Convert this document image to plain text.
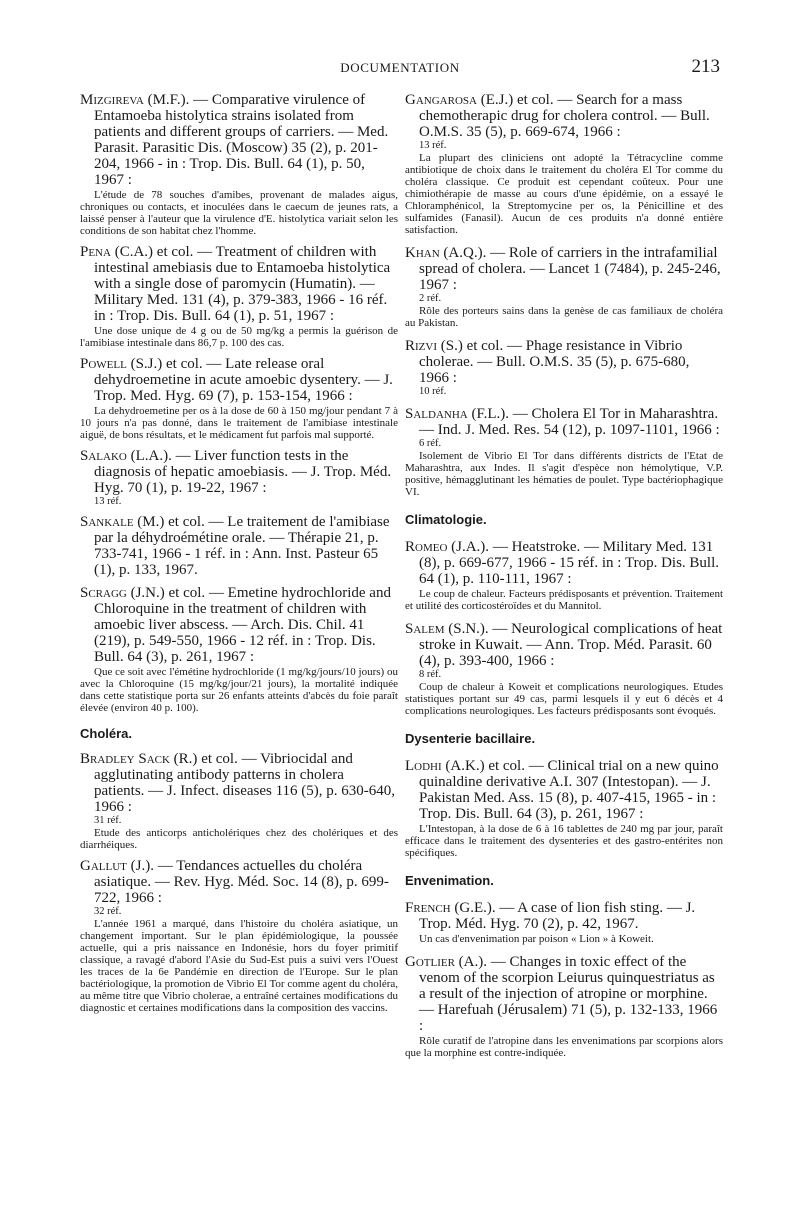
DOCUMENTATION	213

Mizgireva (M.F.). — Comparative virulence of Entamoeba histolytica strains isolated from patients and different groups of carriers. — Med. Parasit. Parasitic Dis. (Moscow) 35 (2), p. 201-204, 1966 - in : Trop. Dis. Bull. 64 (1), p. 50, 1967 :

L'étude de 78 souches d'amibes, provenant de malades aigus, chroniques ou contacts, et inoculées dans le caecum de jeunes rats, a laissé penser à l'auteur que la virulence d'E. histolytica variait selon les conditions de son habitat chez l'homme.

Pena (C.A.) et col. — Treatment of children with intestinal amebiasis due to Entamoeba histolytica with a single dose of paromycin (Humatin). — Military Med. 131 (4), p. 379-383, 1966 - 16 réf. in : Trop. Dis. Bull. 64 (1), p. 51, 1967 :

Une dose unique de 4 g ou de 50 mg/kg a permis la guérison de l'amibiase intestinale dans 86,7 p. 100 des cas.

Powell (S.J.) et col. — Late release oral dehydroemetine in acute amoebic dysentery. — J. Trop. Med. Hyg. 69 (7), p. 153-154, 1966 :

La dehydroemetine per os à la dose de 60 à 150 mg/jour pendant 7 à 10 jours n'a pas donné, dans le traitement de l'amibiase intestinale aiguë, de bons résultats, et le médicament fut parfois mal supporté.

Salako (L.A.). — Liver function tests in the diagnosis of hepatic amoebiasis. — J. Trop. Méd. Hyg. 70 (1), p. 19-22, 1967 :

13 réf.

Sankale (M.) et col. — Le traitement de l'amibiase par la déhydroémétine orale. — Thérapie 21, p. 733-741, 1966 - 1 réf. in : Ann. Inst. Pasteur 65 (1), p. 133, 1967.

Scragg (J.N.) et col. — Emetine hydrochloride and Chloroquine in the treatment of children with amoebic liver abscess. — Arch. Dis. Chil. 41 (219), p. 549-550, 1966 - 12 réf. in : Trop. Dis. Bull. 64 (3), p. 261, 1967 :

Que ce soit avec l'émétine hydrochloride (1 mg/kg/jours/10 jours) ou avec la Chloroquine (15 mg/kg/jour/21 jours), la mortalité indiquée dans cette statistique porta sur 26 enfants atteints d'abcès du foie paraît élevée (environ 40 p. 100).
Choléra.

Bradley Sack (R.) et col. — Vibriocidal and agglutinating antibody patterns in cholera patients. — J. Infect. diseases 116 (5), p. 630-640, 1966 :

31 réf.
Etude des anticorps anticholériques chez des cholériques et des diarrhéiques.

Gallut (J.). — Tendances actuelles du choléra asiatique. — Rev. Hyg. Méd. Soc. 14 (8), p. 699-722, 1966 :

32 réf.
L'année 1961 a marqué, dans l'histoire du choléra asiatique, un changement important. Sur le plan épidémiologique, la poussée actuelle, qui a pris naissance en Indonésie, hors du foyer primitif classique, a ravagé d'abord l'Asie du Sud-Est puis a suivi vers l'Ouest les traces de la 6e Pandémie en direction de l'Europe. Sur le plan bactériologique, la promotion de Vibrio El Tor comme agent du choléra, au même titre que Vibrio cholerae, a entraîné certaines modifications du diagnostic et certaines modifications dans la composition des vaccins.

Gangarosa (E.J.) et col. — Search for a mass chemotherapic drug for cholera control. — Bull. O.M.S. 35 (5), p. 669-674, 1966 :

13 réf.
La plupart des cliniciens ont adopté la Tétracycline comme antibiotique de choix dans le traitement du choléra El Tor comme du choléra classique. Ce produit est cependant coûteux. Pour une chimiothérapie de masse au cours d'une épidémie, on a essayé le Chloramphénicol, la Streptomycine per os, la Pénicilline et des sulfamides (Fanasil). Aucun de ces produits n'a donné entière satisfaction.

Khan (A.Q.). — Role of carriers in the intrafamilial spread of cholera. — Lancet 1 (7484), p. 245-246, 1967 :

2 réf.
Rôle des porteurs sains dans la genèse de cas familiaux de choléra au Pakistan.

Rizvi (S.) et col. — Phage resistance in Vibrio cholerae. — Bull. O.M.S. 35 (5), p. 675-680, 1966 :

10 réf.

Saldanha (F.L.). — Cholera El Tor in Maharashtra. — Ind. J. Med. Res. 54 (12), p. 1097-1101, 1966 :

6 réf.
Isolement de Vibrio El Tor dans différents districts de l'Etat de Maharashtra, aux Indes. Il s'agit d'espèce non hémolytique, V.P. positive, hémagglutinant les hématies de poulet. Type bactériophagique VI.
Climatologie.

Romeo (J.A.). — Heatstroke. — Military Med. 131 (8), p. 669-677, 1966 - 15 réf. in : Trop. Dis. Bull. 64 (1), p. 110-111, 1967 :

Le coup de chaleur. Facteurs prédisposants et prévention. Traitement et utilité des corticostéroïdes et du Mannitol.

Salem (S.N.). — Neurological complications of heat stroke in Kuwait. — Ann. Trop. Méd. Parasit. 60 (4), p. 393-400, 1966 :

8 réf.
Coup de chaleur à Koweit et complications neurologiques. Etudes statistiques portant sur 49 cas, parmi lesquels il y eut 6 décès et 4 complications neurologiques. Les facteurs prédisposants sont évoqués.
Dysenterie bacillaire.

Lodhi (A.K.) et col. — Clinical trial on a new quino quinaldine derivative A.I. 307 (Intestopan). — J. Pakistan Med. Ass. 15 (8), p. 407-415, 1965 - in : Trop. Dis. Bull. 64 (3), p. 261, 1967 :

L'Intestopan, à la dose de 6 à 16 tablettes de 240 mg par jour, paraît efficace dans le traitement des dysenteries et des gastro-entérites non spécifiques.
Envenimation.

French (G.E.). — A case of lion fish sting. — J. Trop. Méd. Hyg. 70 (2), p. 42, 1967.

Un cas d'envenimation par poison « Lion » à Koweit.

Gotlier (A.). — Changes in toxic effect of the venom of the scorpion Leiurus quinquestriatus as a result of the injection of atropine or morphine. — Harefuah (Jérusalem) 71 (5), p. 132-133, 1966 :

Rôle curatif de l'atropine dans les envenimations par scorpions alors que la morphine est contre-indiquée.
